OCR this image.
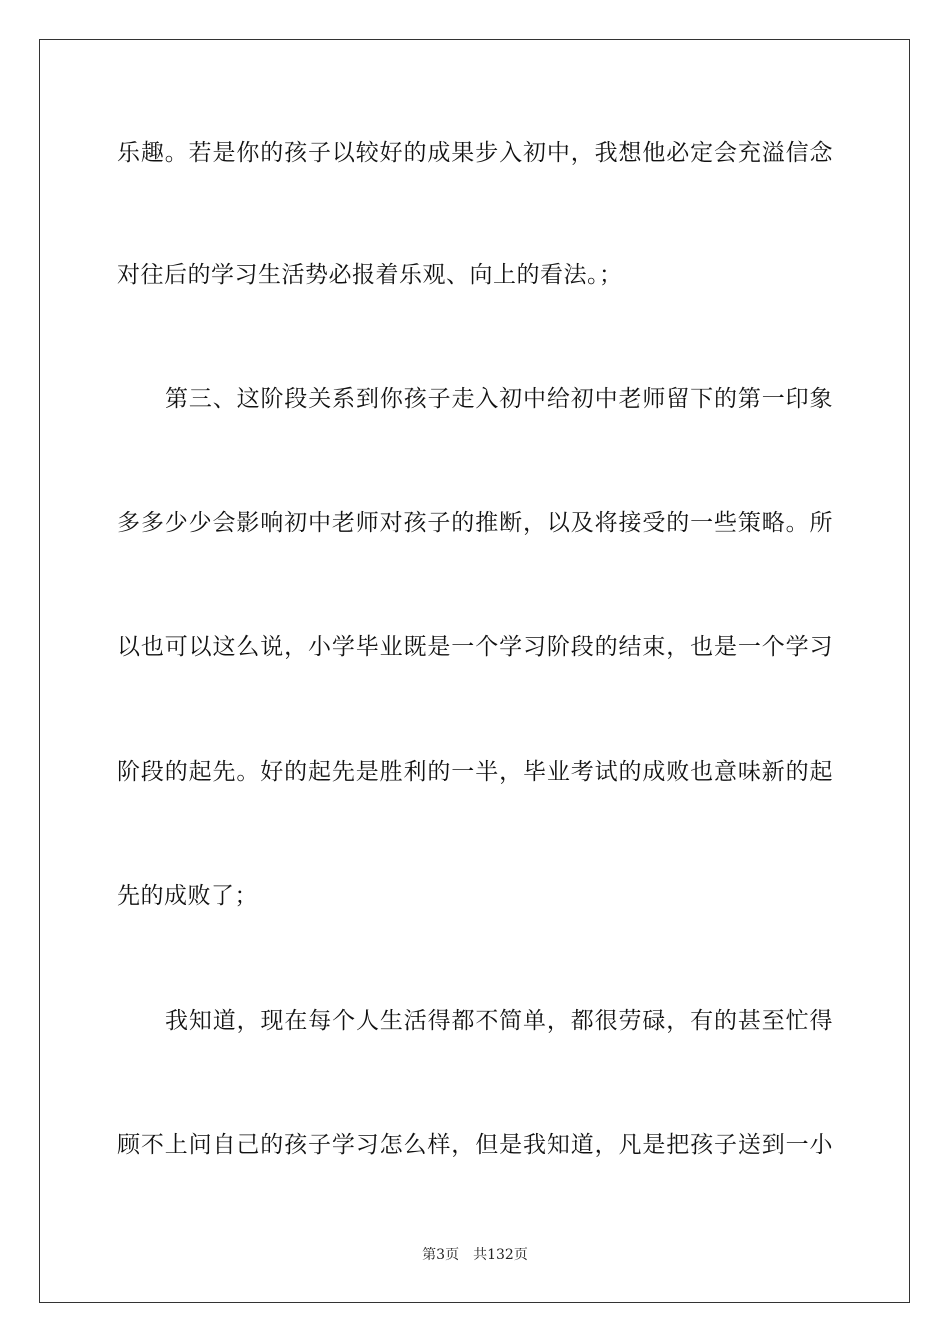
乐趣。若是你的孩子以较好的成果步入初中，我想他必定会充溢信念
对往后的学习生活势必报着乐观、向上的看法。；
第三、这阶段关系到你孩子走入初中给初中老师留下的第一印象
多多少少会影响初中老师对孩子的推断，以及将接受的一些策略。所
以也可以这么说，小学毕业既是一个学习阶段的结束，也是一个学习
阶段的起先。好的起先是胜利的一半，毕业考试的成败也意味新的起
先的成败了；
我知道，现在每个人生活得都不简单，都很劳碌，有的甚至忙得
顾不上问自己的孩子学习怎么样，但是我知道，凡是把孩子送到一小
第3页 共132页
